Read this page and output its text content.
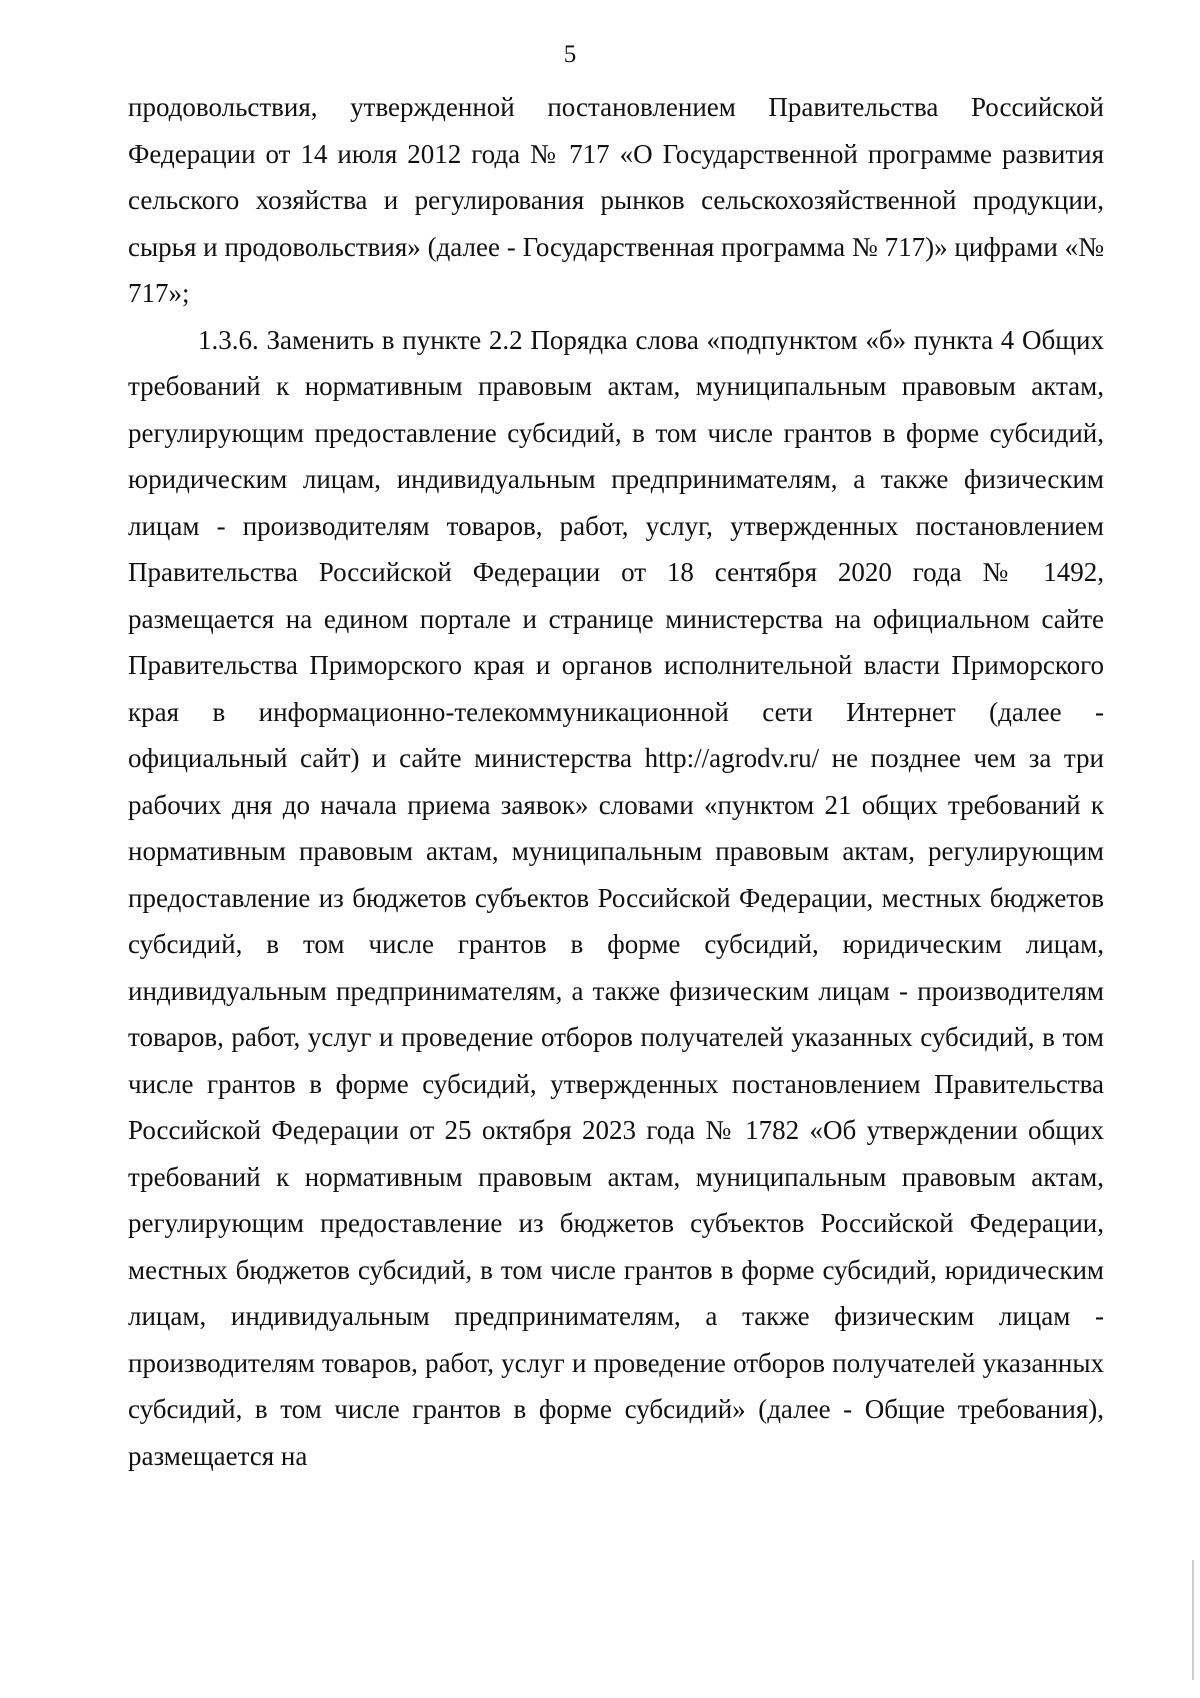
5

продовольствия, утвержденной постановлением Правительства Российской Федерации от 14 июля 2012 года № 717 «О Государственной программе развития сельского хозяйства и регулирования рынков сельскохозяйственной продукции, сырья и продовольствия» (далее - Государственная программа № 717)» цифрами «№ 717»;

1.3.6. Заменить в пункте 2.2 Порядка слова «подпунктом «б» пункта 4 Общих требований к нормативным правовым актам, муниципальным правовым актам, регулирующим предоставление субсидий, в том числе грантов в форме субсидий, юридическим лицам, индивидуальным предпринимателям, а также физическим лицам - производителям товаров, работ, услуг, утвержденных постановлением Правительства Российской Федерации от 18 сентября 2020 года № 1492, размещается на едином портале и странице министерства на официальном сайте Правительства Приморского края и органов исполнительной власти Приморского края в информационно-телекоммуникационной сети Интернет (далее - официальный сайт) и сайте министерства http://agrodv.ru/ не позднее чем за три рабочих дня до начала приема заявок» словами «пунктом 21 общих требований к нормативным правовым актам, муниципальным правовым актам, регулирующим предоставление из бюджетов субъектов Российской Федерации, местных бюджетов субсидий, в том числе грантов в форме субсидий, юридическим лицам, индивидуальным предпринимателям, а также физическим лицам - производителям товаров, работ, услуг и проведение отборов получателей указанных субсидий, в том числе грантов в форме субсидий, утвержденных постановлением Правительства Российской Федерации от 25 октября 2023 года № 1782 «Об утверждении общих требований к нормативным правовым актам, муниципальным правовым актам, регулирующим предоставление из бюджетов субъектов Российской Федерации, местных бюджетов субсидий, в том числе грантов в форме субсидий, юридическим лицам, индивидуальным предпринимателям, а также физическим лицам - производителям товаров, работ, услуг и проведение отборов получателей указанных субсидий, в том числе грантов в форме субсидий» (далее - Общие требования), размещается на
